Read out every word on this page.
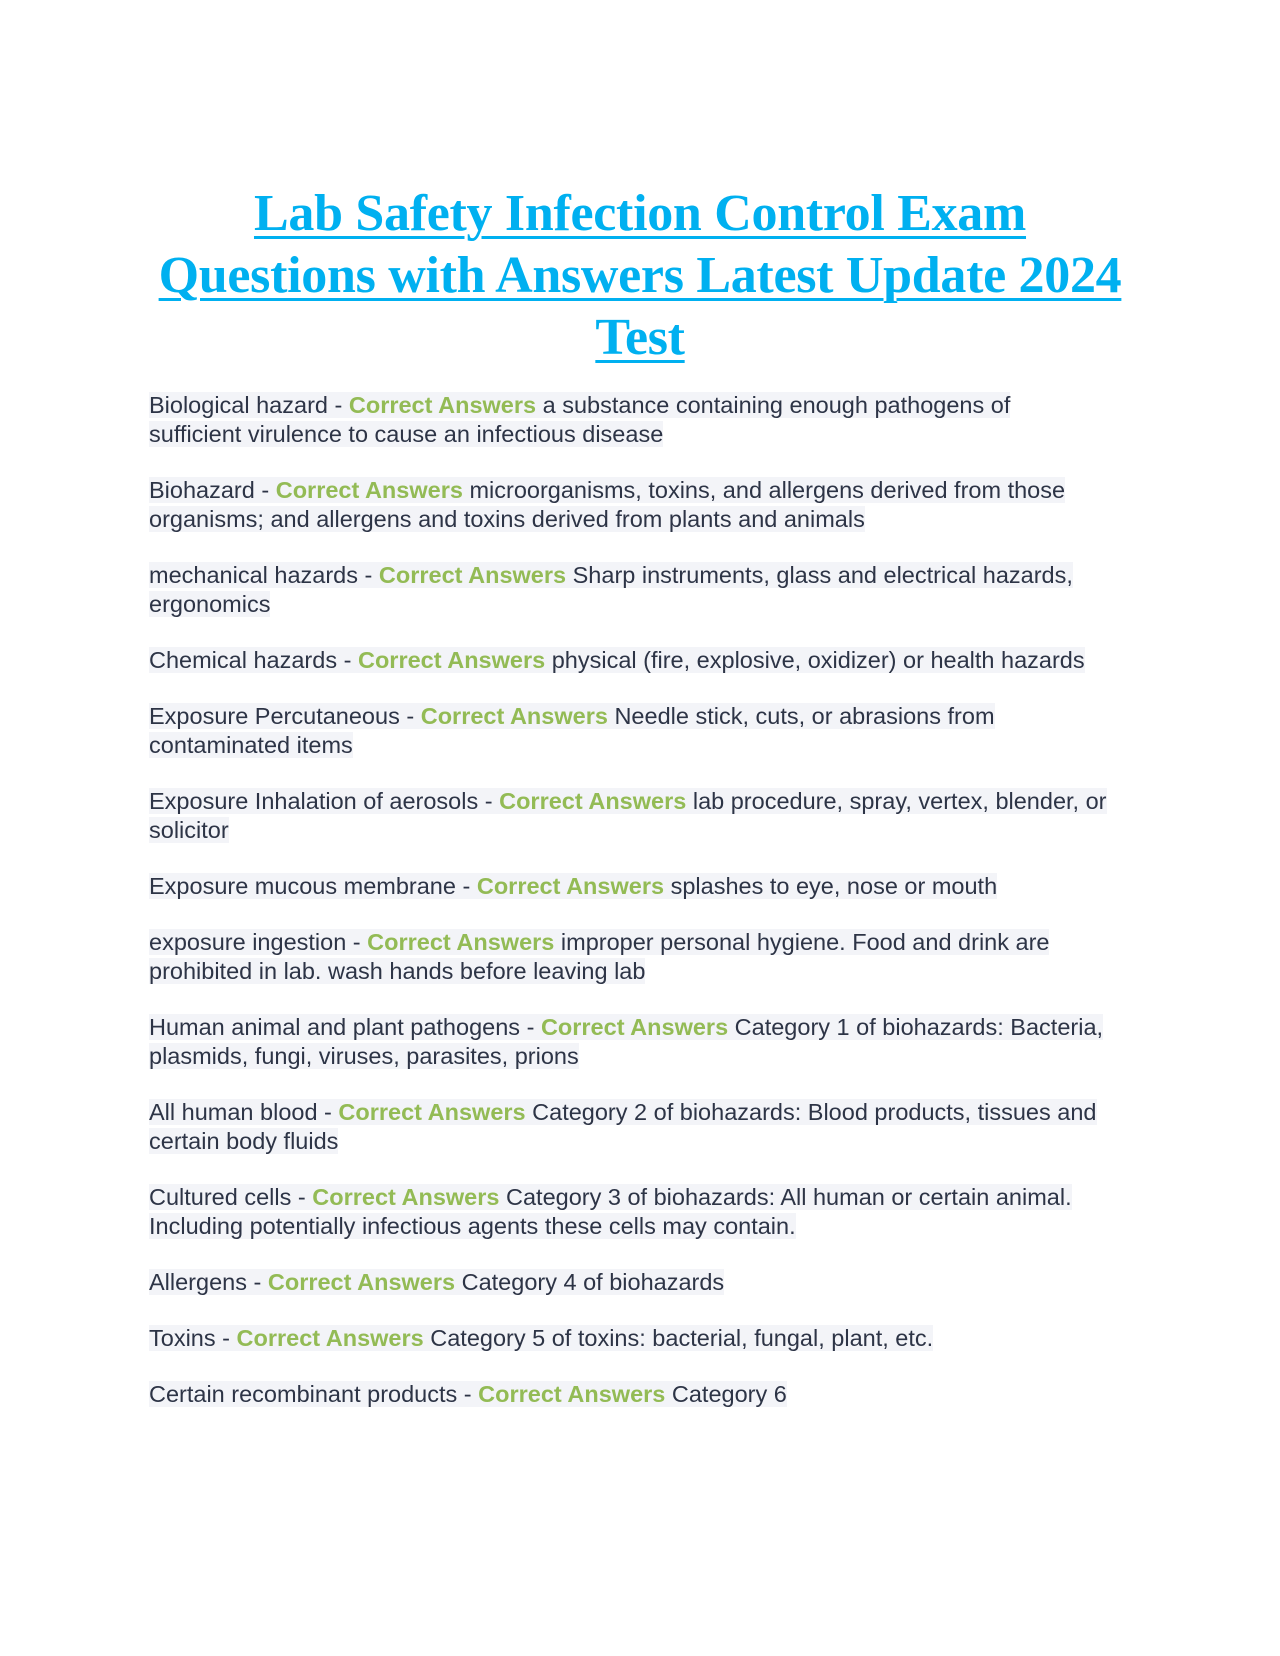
Lab Safety Infection Control Exam Questions with Answers Latest Update 2024 Test

Biological hazard - Correct Answers a substance containing enough pathogens of sufficient virulence to cause an infectious disease

Biohazard - Correct Answers microorganisms, toxins, and allergens derived from those organisms; and allergens and toxins derived from plants and animals

mechanical hazards - Correct Answers Sharp instruments, glass and electrical hazards, ergonomics

Chemical hazards - Correct Answers physical (fire, explosive, oxidizer) or health hazards

Exposure Percutaneous - Correct Answers Needle stick, cuts, or abrasions from contaminated items

Exposure Inhalation of aerosols - Correct Answers lab procedure, spray, vertex, blender, or solicitor

Exposure mucous membrane - Correct Answers splashes to eye, nose or mouth

exposure ingestion - Correct Answers improper personal hygiene. Food and drink are prohibited in lab. wash hands before leaving lab

Human animal and plant pathogens - Correct Answers Category 1 of biohazards: Bacteria, plasmids, fungi, viruses, parasites, prions

All human blood - Correct Answers Category 2 of biohazards: Blood products, tissues and certain body fluids

Cultured cells - Correct Answers Category 3 of biohazards: All human or certain animal. Including potentially infectious agents these cells may contain.

Allergens - Correct Answers Category 4 of biohazards

Toxins - Correct Answers Category 5 of toxins: bacterial, fungal, plant, etc.

Certain recombinant products - Correct Answers Category 6
